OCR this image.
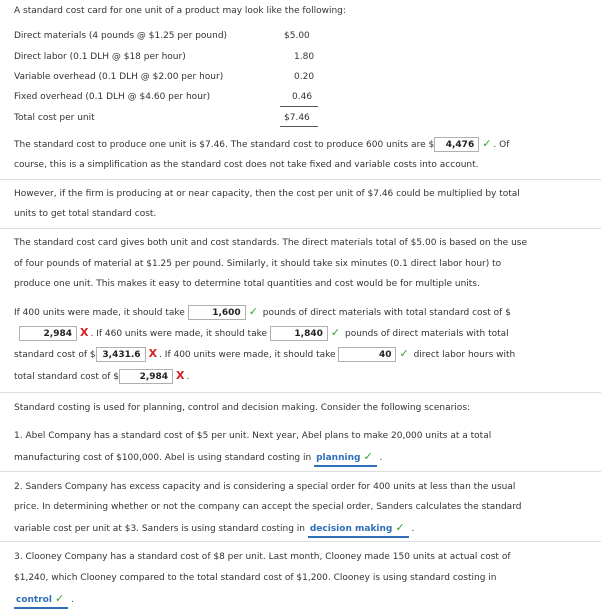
A standard cost card for one unit of a product may look like the following:
Direct materials (4 pounds @ $1.25 per pound)	$5.00
Direct labor (0.1 DLH @ $18 per hour)	1.80
Variable overhead (0.1 DLH @ $2.00 per hour)	0.20
Fixed overhead (0.1 DLH @ $4.60 per hour)	0.46
Total cost per unit	$7.46
The standard cost to produce one unit is $7.46. The standard cost to produce 600 units are $ 4,476 ✓ . Of
course, this is a simplification as the standard cost does not take fixed and variable costs into account.
However, if the firm is producing at or near capacity, then the cost per unit of $7.46 could be multiplied by total
units to get total standard cost.
The standard cost card gives both unit and cost standards. The direct materials total of $5.00 is based on the use
of four pounds of material at $1.25 per pound. Similarly, it should take six minutes (0.1 direct labor hour) to
produce one unit. This makes it easy to determine total quantities and cost would be for multiple units.
If 400 units were made, it should take	1,600 ✓ pounds of direct materials with total standard cost of $
2,984 X . If 460 units were made, it should take	1,840 ✓ pounds of direct materials with total
standard cost of $ 3,431.6 X . If 400 units were made, it should take	40 ✓ direct labor hours with
total standard cost of $ 2,984 X .
Standard costing is used for planning, control and decision making. Consider the following scenarios:
1. Abel Company has a standard cost of $5 per unit. Next year, Abel plans to make 20,000 units at a total
manufacturing cost of $100,000. Abel is using standard costing in planning ✓ .
2. Sanders Company has excess capacity and is considering a special order for 400 units at less than the usual
price. In determining whether or not the company can accept the special order, Sanders calculates the standard
variable cost per unit at $3. Sanders is using standard costing in decision making ✓ .
3. Clooney Company has a standard cost of $8 per unit. Last month, Clooney made 150 units at actual cost of
$1,240, which Clooney compared to the total standard cost of $1,200. Clooney is using standard costing in
control ✓ .
